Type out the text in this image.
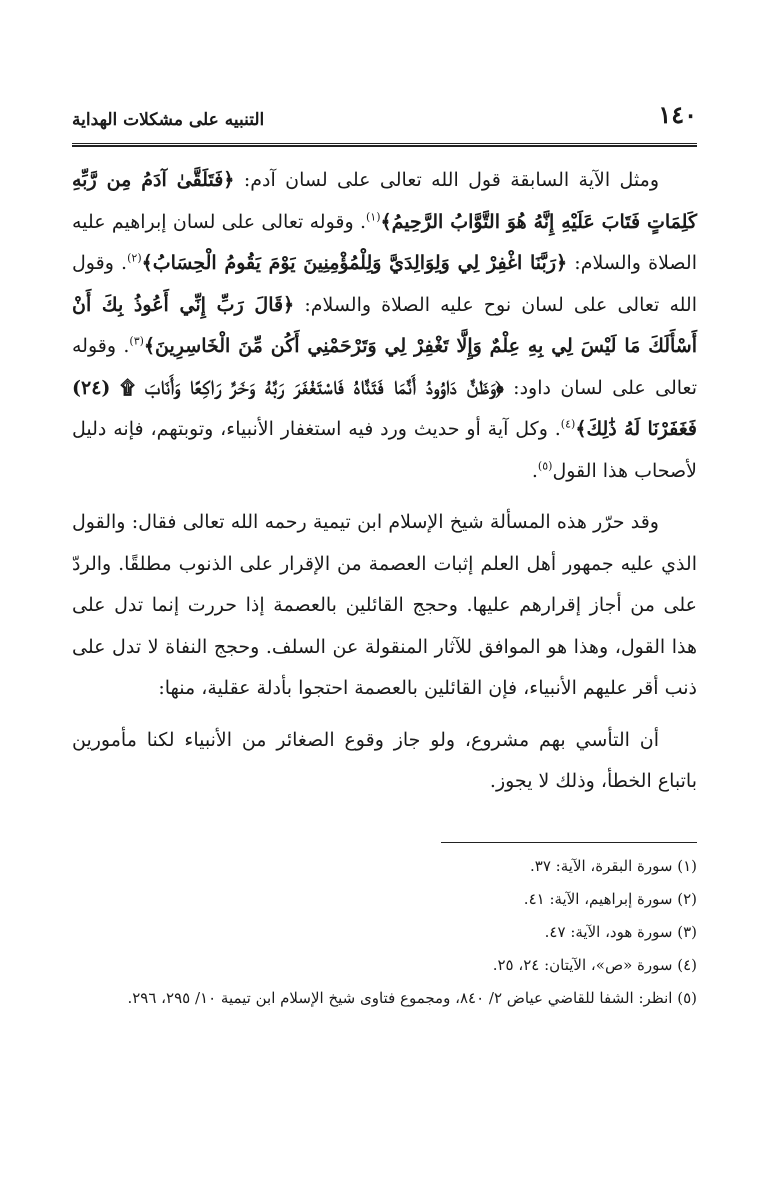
١٤٠
التنبيه على مشكلات الهداية

ومثل الآية السابقة قول الله تعالى على لسان آدم: ﴿فَتَلَقَّىٰ آدَمُ مِن رَّبِّهِ كَلِمَاتٍ فَتَابَ عَلَيْهِ إِنَّهُ هُوَ التَّوَّابُ الرَّحِيمُ﴾$^{(١)}$. وقوله تعالى على لسان إبراهيم عليه الصلاة والسلام: ﴿رَبَّنَا اغْفِرْ لِي وَلِوَالِدَيَّ وَلِلْمُؤْمِنِينَ يَوْمَ يَقُومُ الْحِسَابُ﴾$^{(٢)}$. وقول الله تعالى على لسان نوح عليه الصلاة والسلام: ﴿قَالَ رَبِّ إِنِّي أَعُوذُ بِكَ أَنْ أَسْأَلَكَ مَا لَيْسَ لِي بِهِ عِلْمٌ وَإِلَّا تَغْفِرْ لِي وَتَرْحَمْنِي أَكُن مِّنَ الْخَاسِرِينَ﴾$^{(٣)}$. وقوله تعالى على لسان داود: ﴿وَظَنَّ دَاوُودُ أَنَّمَا فَتَنَّاهُ فَاسْتَغْفَرَ رَبَّهُ وَخَرَّ رَاكِعًا وَأَنَابَ ۩ (٢٤) فَغَفَرْنَا لَهُ ذَٰلِكَ﴾$^{(٤)}$. وكل آية أو حديث ورد فيه استغفار الأنبياء، وتوبتهم، فإنه دليل لأصحاب هذا القول$^{(٥)}$.

وقد حرّر هذه المسألة شيخ الإسلام ابن تيمية رحمه الله تعالى فقال: والقول الذي عليه جمهور أهل العلم إثبات العصمة من الإقرار على الذنوب مطلقًا. والردّ على من أجاز إقرارهم عليها. وحجج القائلين بالعصمة إذا حررت إنما تدل على هذا القول، وهذا هو الموافق للآثار المنقولة عن السلف. وحجج النفاة لا تدل على ذنب أقر عليهم الأنبياء، فإن القائلين بالعصمة احتجوا بأدلة عقلية، منها:

أن التأسي بهم مشروع، ولو جاز وقوع الصغائر من الأنبياء لكنا مأمورين باتباع الخطأ، وذلك لا يجوز.

(١) سورة البقرة، الآية: ٣٧.
(٢) سورة إبراهيم، الآية: ٤١.
(٣) سورة هود، الآية: ٤٧.
(٤) سورة «ص»، الآيتان: ٢٤، ٢٥.
(٥) انظر: الشفا للقاضي عياض ٢/ ٨٤٠، ومجموع فتاوى شيخ الإسلام ابن تيمية ١٠/ ٢٩٥، ٢٩٦.
